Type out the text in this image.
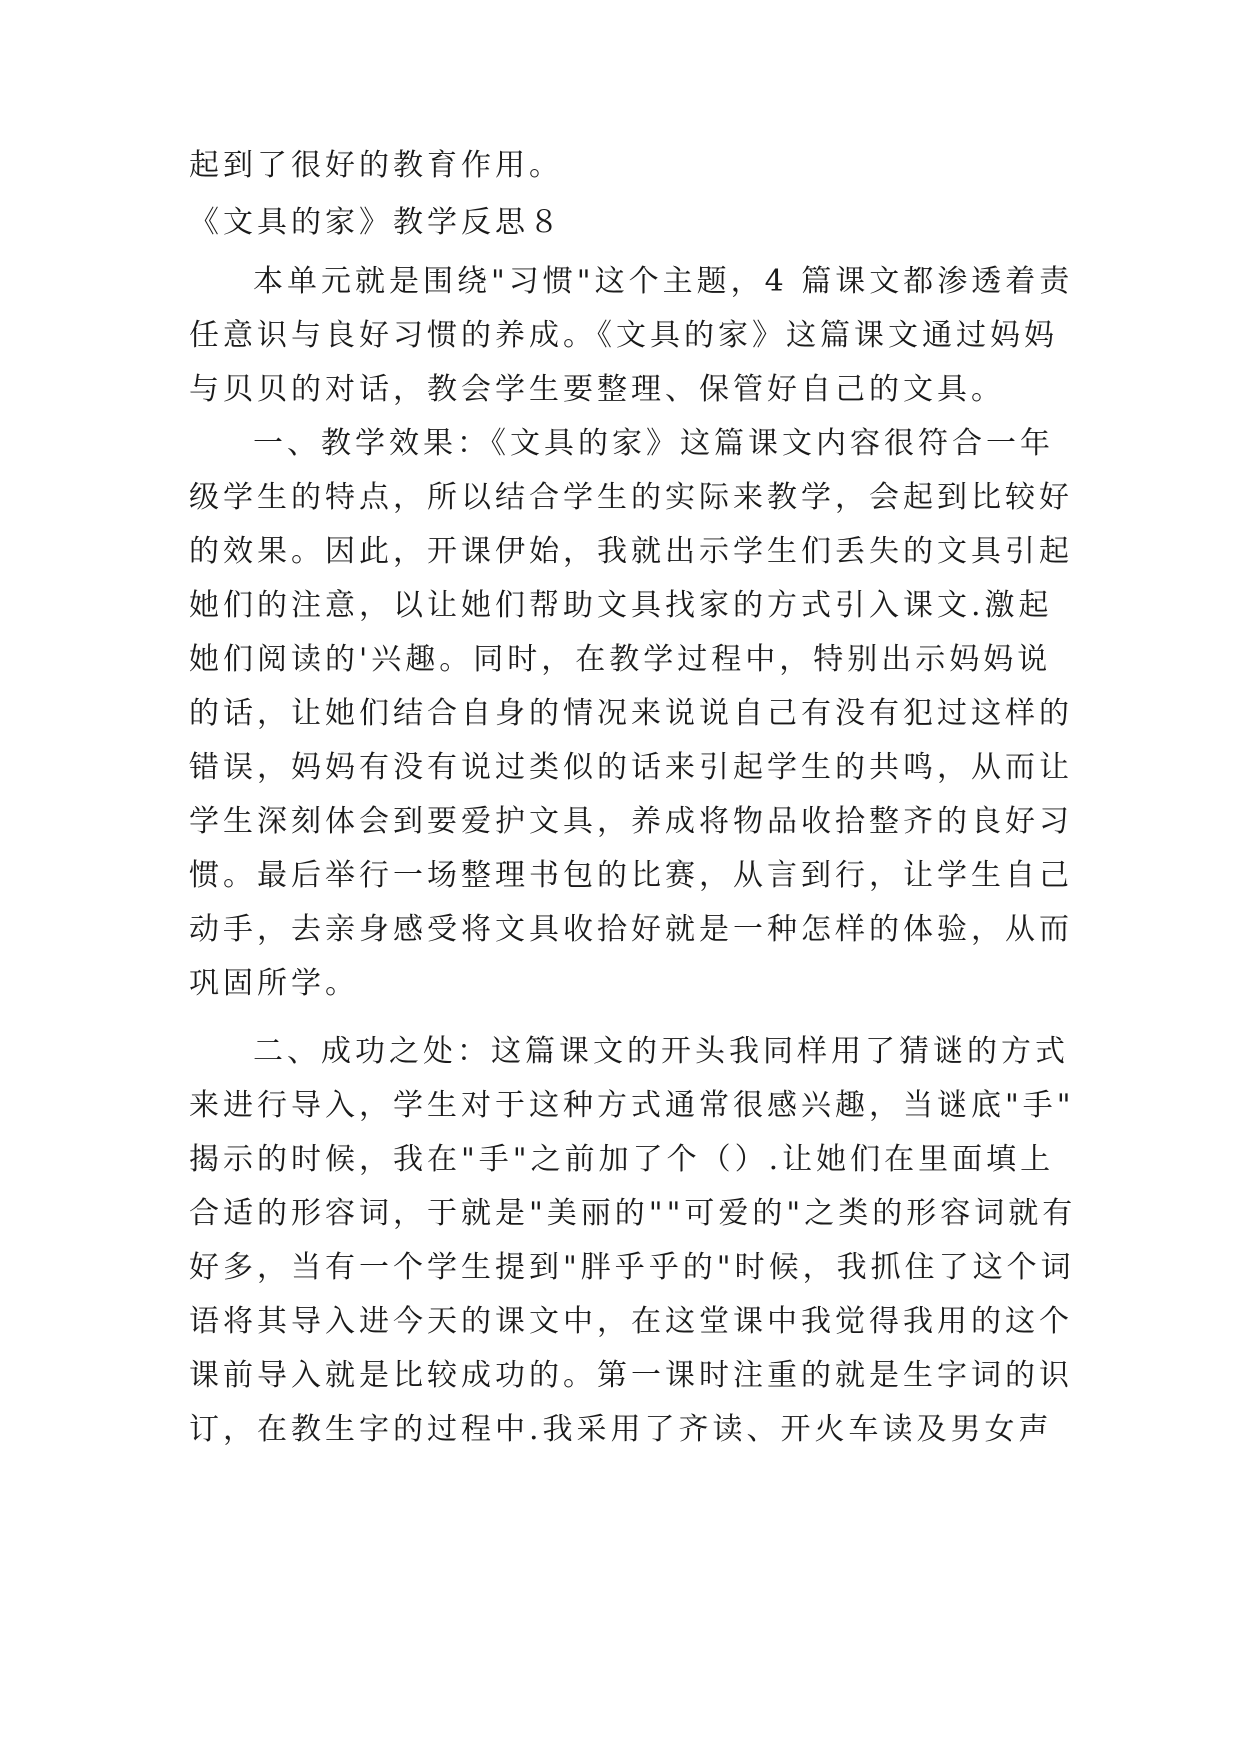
起到了很好的教育作用。
《文具的家》教学反思８
本单元就是围绕"习惯"这个主题，4 篇课文都渗透着责
任意识与良好习惯的养成。《文具的家》这篇课文通过妈妈
与贝贝的对话，教会学生要整理、保管好自己的文具。
一、教学效果：《文具的家》这篇课文内容很符合一年
级学生的特点，所以结合学生的实际来教学，会起到比较好
的效果。因此，开课伊始，我就出示学生们丢失的文具引起
她们的注意，以让她们帮助文具找家的方式引入课文.激起
她们阅读的'兴趣。同时，在教学过程中，特别出示妈妈说
的话，让她们结合自身的情况来说说自己有没有犯过这样的
错误，妈妈有没有说过类似的话来引起学生的共鸣，从而让
学生深刻体会到要爱护文具，养成将物品收拾整齐的良好习
惯。最后举行一场整理书包的比赛，从言到行，让学生自己
动手，去亲身感受将文具收拾好就是一种怎样的体验，从而
巩固所学。
二、成功之处：这篇课文的开头我同样用了猜谜的方式
来进行导入，学生对于这种方式通常很感兴趣，当谜底"手"
揭示的时候，我在"手"之前加了个（）.让她们在里面填上
合适的形容词，于就是"美丽的""可爱的"之类的形容词就有
好多，当有一个学生提到"胖乎乎的"时候，我抓住了这个词
语将其导入进今天的课文中，在这堂课中我觉得我用的这个
课前导入就是比较成功的。第一课时注重的就是生字词的识
订，在教生字的过程中.我采用了齐读、开火车读及男女声
